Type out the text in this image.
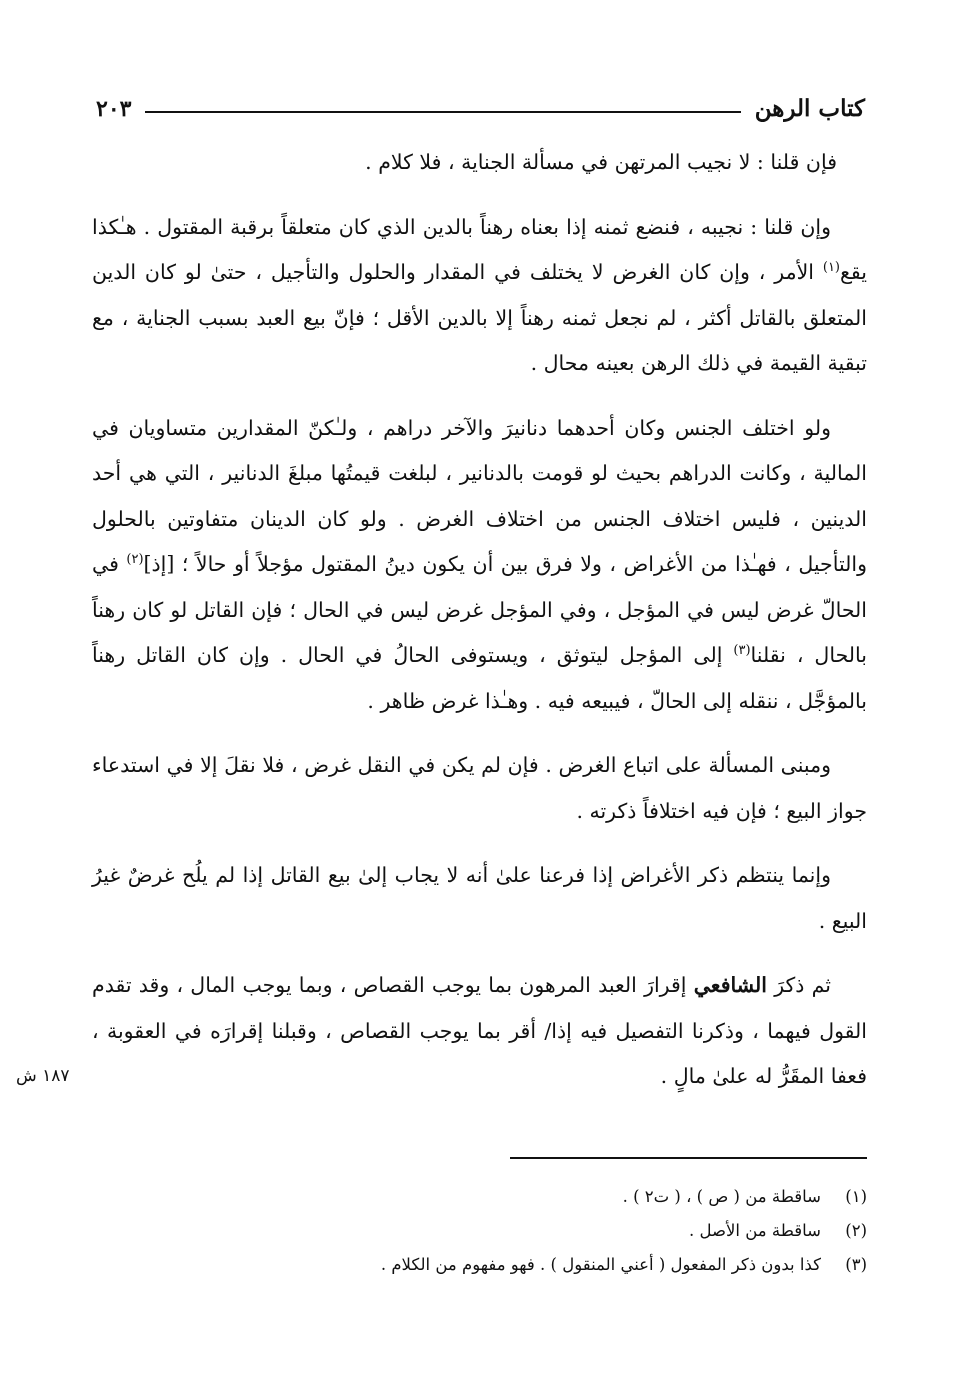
كتاب الرهن
٢٠٣
١٨٧ ش

فإن قلنا : لا نجيب المرتهن في مسألة الجناية ، فلا كلام .

وإن قلنا : نجيبه ، فنضع ثمنه إذا بعناه رهناً بالدين الذي كان متعلقاً برقبة المقتول . هـٰكذا يقع$^{(١)}$ الأمر ، وإن كان الغرض لا يختلف في المقدار والحلول والتأجيل ، حتىٰ لو كان الدين المتعلق بالقاتل أكثر ، لم نجعل ثمنه رهناً إلا بالدين الأقل ؛ فإنّ بيع العبد بسبب الجناية ، مع تبقية القيمة في ذلك الرهن بعينه محال .

ولو اختلف الجنس وكان أحدهما دنانيرَ والآخر دراهم ، ولـٰكنّ المقدارين متساويان في المالية ، وكانت الدراهم بحيث لو قومت بالدنانير ، لبلغت قيمتُها مبلغَ الدنانير ، التي هي أحد الدينين ، فليس اختلاف الجنس من اختلاف الغرض . ولو كان الدينان متفاوتين بالحلول والتأجيل ، فهـٰذا من الأغراض ، ولا فرق بين أن يكون دينُ المقتول مؤجلاً أو حالاً ؛ [إذ]$^{(٢)}$ في الحالّ غرض ليس في المؤجل ، وفي المؤجل غرض ليس في الحال ؛ فإن القاتل لو كان رهناً بالحال ، نقلنا$^{(٣)}$ إلى المؤجل ليتوثق ، ويستوفى الحالُ في الحال . وإن كان القاتل رهناً بالمؤجَّل ، ننقله إلى الحالّ ، فيبيعه فيه . وهـٰذا غرض ظاهر .

ومبنى المسألة على اتباع الغرض . فإن لم يكن في النقل غرض ، فلا نقلَ إلا في استدعاء جواز البيع ؛ فإن فيه اختلافاً ذكرته .

وإنما ينتظم ذكر الأغراض إذا فرعنا علىٰ أنه لا يجاب إلىٰ بيع القاتل إذا لم يلُح غرضٌ غيرُ البيع .

ثم ذكرَ الشافعي إقرارَ العبد المرهون بما يوجب القصاص ، وبما يوجب المال ، وقد تقدم القول فيهما ، وذكرنا التفصيل فيه إذا/ أقر بما يوجب القصاص ، وقبلنا إقرارَه في العقوبة ، فعفا المقَرُّ له علىٰ مالٍ .

(١)
ساقطة من ( ص ) ، ( ت٢ ) .
(٢)
ساقطة من الأصل .
(٣)
كذا بدون ذكر المفعول ( أعني المنقول ) . فهو مفهوم من الكلام .
